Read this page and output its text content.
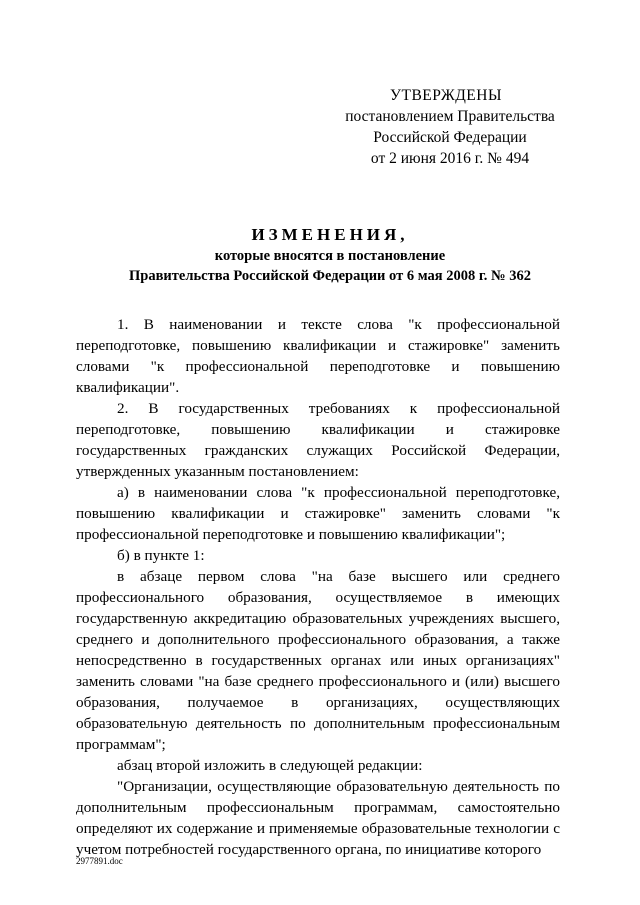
УТВЕРЖДЕНЫ
постановлением Правительства
Российской Федерации
от 2 июня 2016 г. № 494
ИЗМЕНЕНИЯ,
которые вносятся в постановление
Правительства Российской Федерации от 6 мая 2008 г. № 362

1. В наименовании и тексте слова "к профессиональной переподготовке, повышению квалификации и стажировке" заменить словами "к профессиональной переподготовке и повышению квалификации".

2. В государственных требованиях к профессиональной переподготовке, повышению квалификации и стажировке государственных гражданских служащих Российской Федерации, утвержденных указанным постановлением:

а) в наименовании слова "к профессиональной переподготовке, повышению квалификации и стажировке" заменить словами "к профессиональной переподготовке и повышению квалификации";

б) в пункте 1:

в абзаце первом слова "на базе высшего или среднего профессионального образования, осуществляемое в имеющих государственную аккредитацию образовательных учреждениях высшего, среднего и дополнительного профессионального образования, а также непосредственно в государственных органах или иных организациях" заменить словами "на базе среднего профессионального и (или) высшего образования, получаемое в организациях, осуществляющих образовательную деятельность по дополнительным профессиональным программам";

абзац второй изложить в следующей редакции:

"Организации, осуществляющие образовательную деятельность по дополнительным профессиональным программам, самостоятельно определяют их содержание и применяемые образовательные технологии с учетом потребностей государственного органа, по инициативе которого

2977891.doc
